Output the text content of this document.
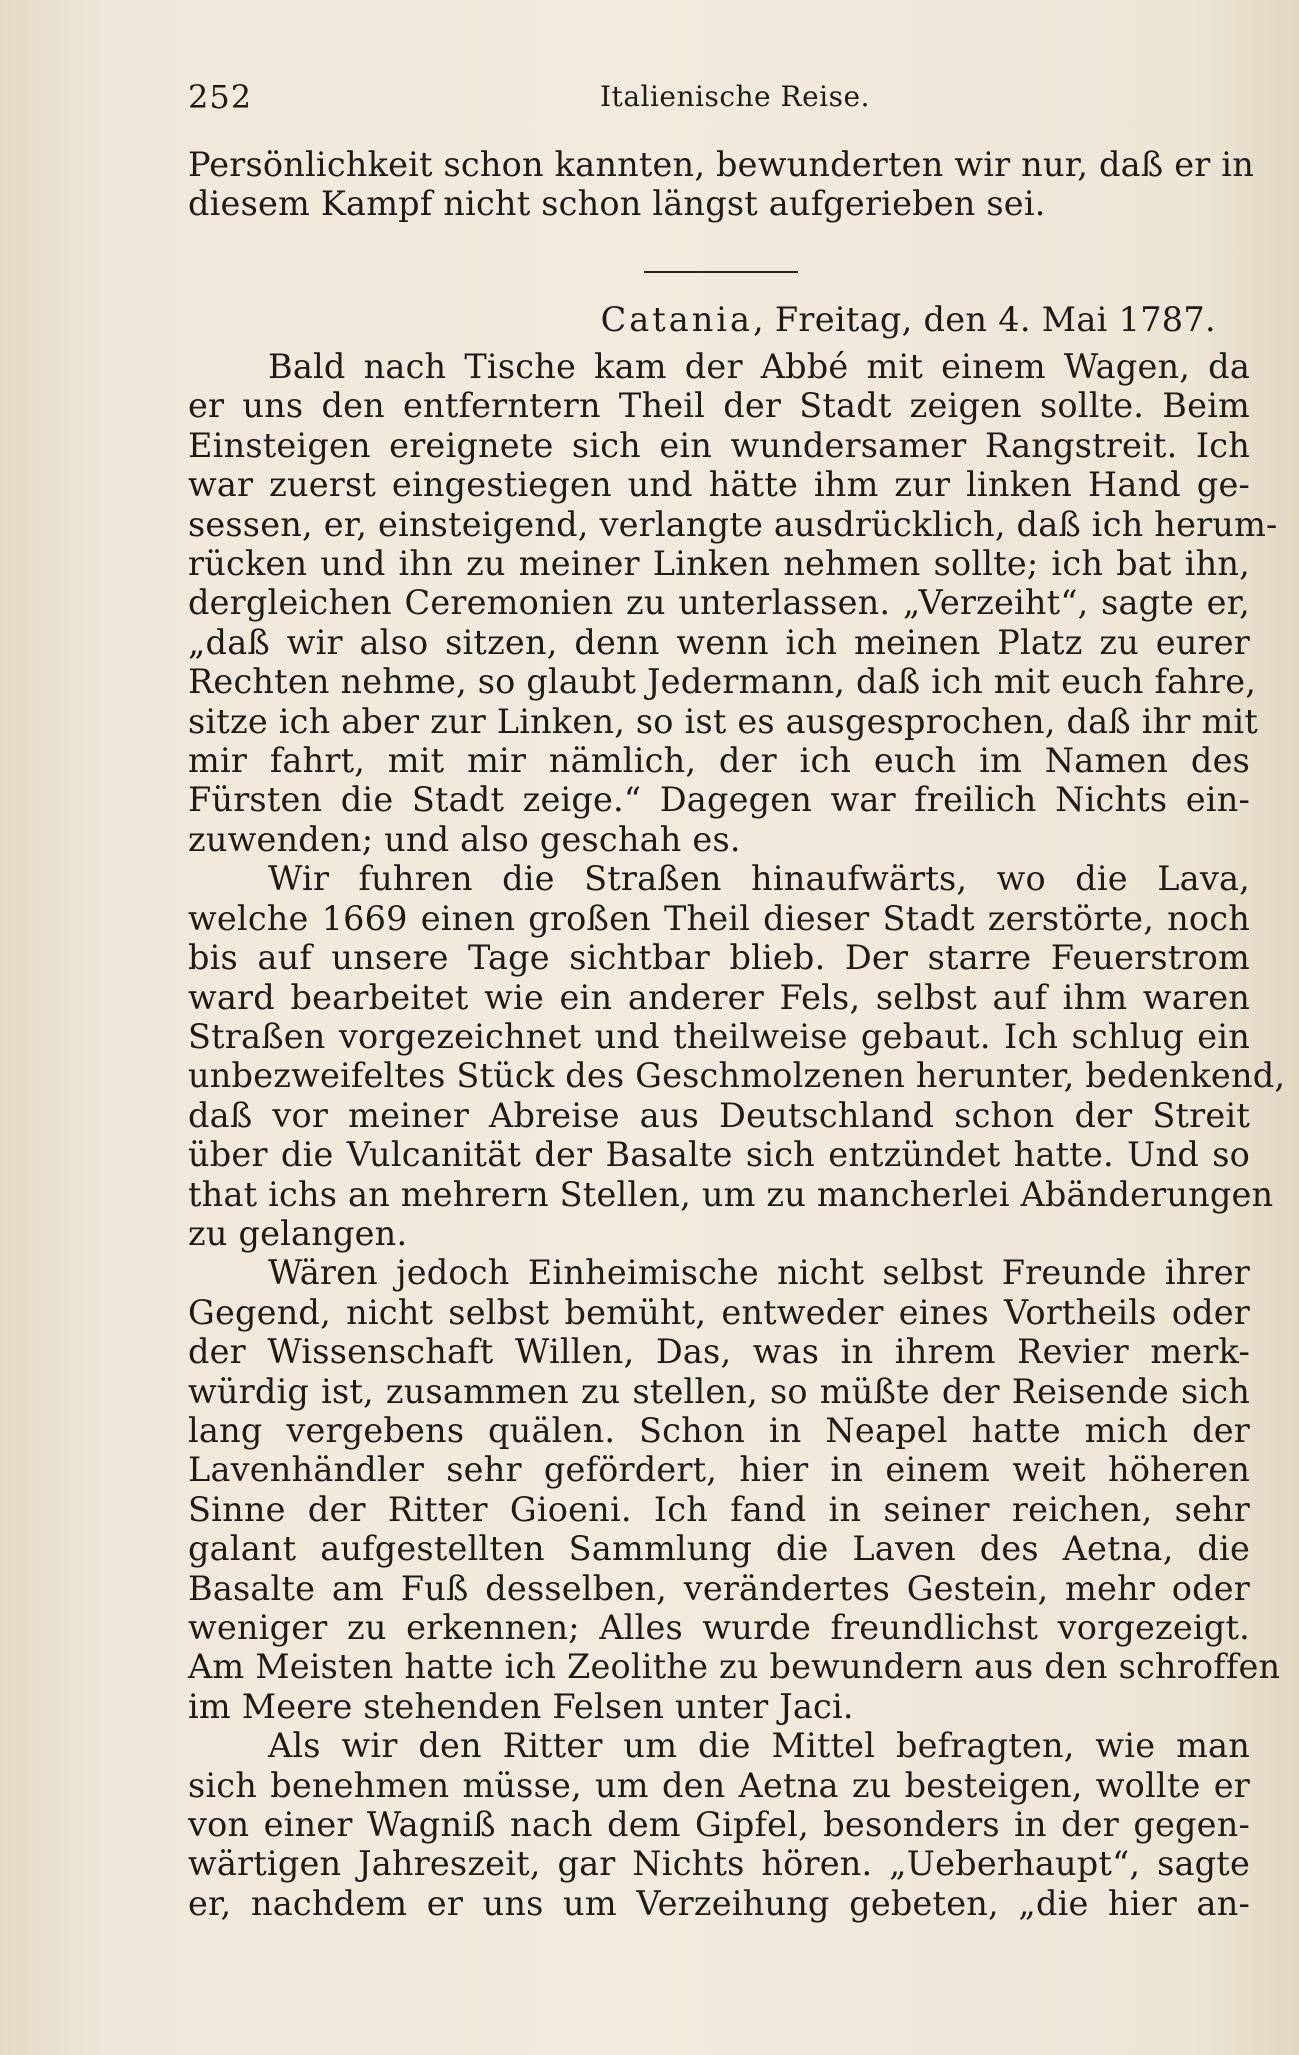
252	Italienische Reise.

Persönlichkeit schon kannten, bewunderten wir nur, daß er in
diesem Kampf nicht schon längst aufgerieben sei.

Catania, Freitag, den 4. Mai 1787.

Bald nach Tische kam der Abbé mit einem Wagen, da
er uns den entferntern Theil der Stadt zeigen sollte. Beim
Einsteigen ereignete sich ein wundersamer Rangstreit. Ich
war zuerst eingestiegen und hätte ihm zur linken Hand ge-
sessen, er, einsteigend, verlangte ausdrücklich, daß ich herum-
rücken und ihn zu meiner Linken nehmen sollte; ich bat ihn,
dergleichen Ceremonien zu unterlassen. „Verzeiht“, sagte er,
„daß wir also sitzen, denn wenn ich meinen Platz zu eurer
Rechten nehme, so glaubt Jedermann, daß ich mit euch fahre,
sitze ich aber zur Linken, so ist es ausgesprochen, daß ihr mit
mir fahrt, mit mir nämlich, der ich euch im Namen des
Fürsten die Stadt zeige.“ Dagegen war freilich Nichts ein-
zuwenden; und also geschah es.

Wir fuhren die Straßen hinaufwärts, wo die Lava,
welche 1669 einen großen Theil dieser Stadt zerstörte, noch
bis auf unsere Tage sichtbar blieb. Der starre Feuerstrom
ward bearbeitet wie ein anderer Fels, selbst auf ihm waren
Straßen vorgezeichnet und theilweise gebaut. Ich schlug ein
unbezweifeltes Stück des Geschmolzenen herunter, bedenkend,
daß vor meiner Abreise aus Deutschland schon der Streit
über die Vulcanität der Basalte sich entzündet hatte. Und so
that ichs an mehrern Stellen, um zu mancherlei Abänderungen
zu gelangen.

Wären jedoch Einheimische nicht selbst Freunde ihrer
Gegend, nicht selbst bemüht, entweder eines Vortheils oder
der Wissenschaft Willen, Das, was in ihrem Revier merk-
würdig ist, zusammen zu stellen, so müßte der Reisende sich
lang vergebens quälen. Schon in Neapel hatte mich der
Lavenhändler sehr gefördert, hier in einem weit höheren
Sinne der Ritter Gioeni. Ich fand in seiner reichen, sehr
galant aufgestellten Sammlung die Laven des Aetna, die
Basalte am Fuß desselben, verändertes Gestein, mehr oder
weniger zu erkennen; Alles wurde freundlichst vorgezeigt.
Am Meisten hatte ich Zeolithe zu bewundern aus den schroffen
im Meere stehenden Felsen unter Jaci.

Als wir den Ritter um die Mittel befragten, wie man
sich benehmen müsse, um den Aetna zu besteigen, wollte er
von einer Wagniß nach dem Gipfel, besonders in der gegen-
wärtigen Jahreszeit, gar Nichts hören. „Ueberhaupt“, sagte
er, nachdem er uns um Verzeihung gebeten, „die hier an-
